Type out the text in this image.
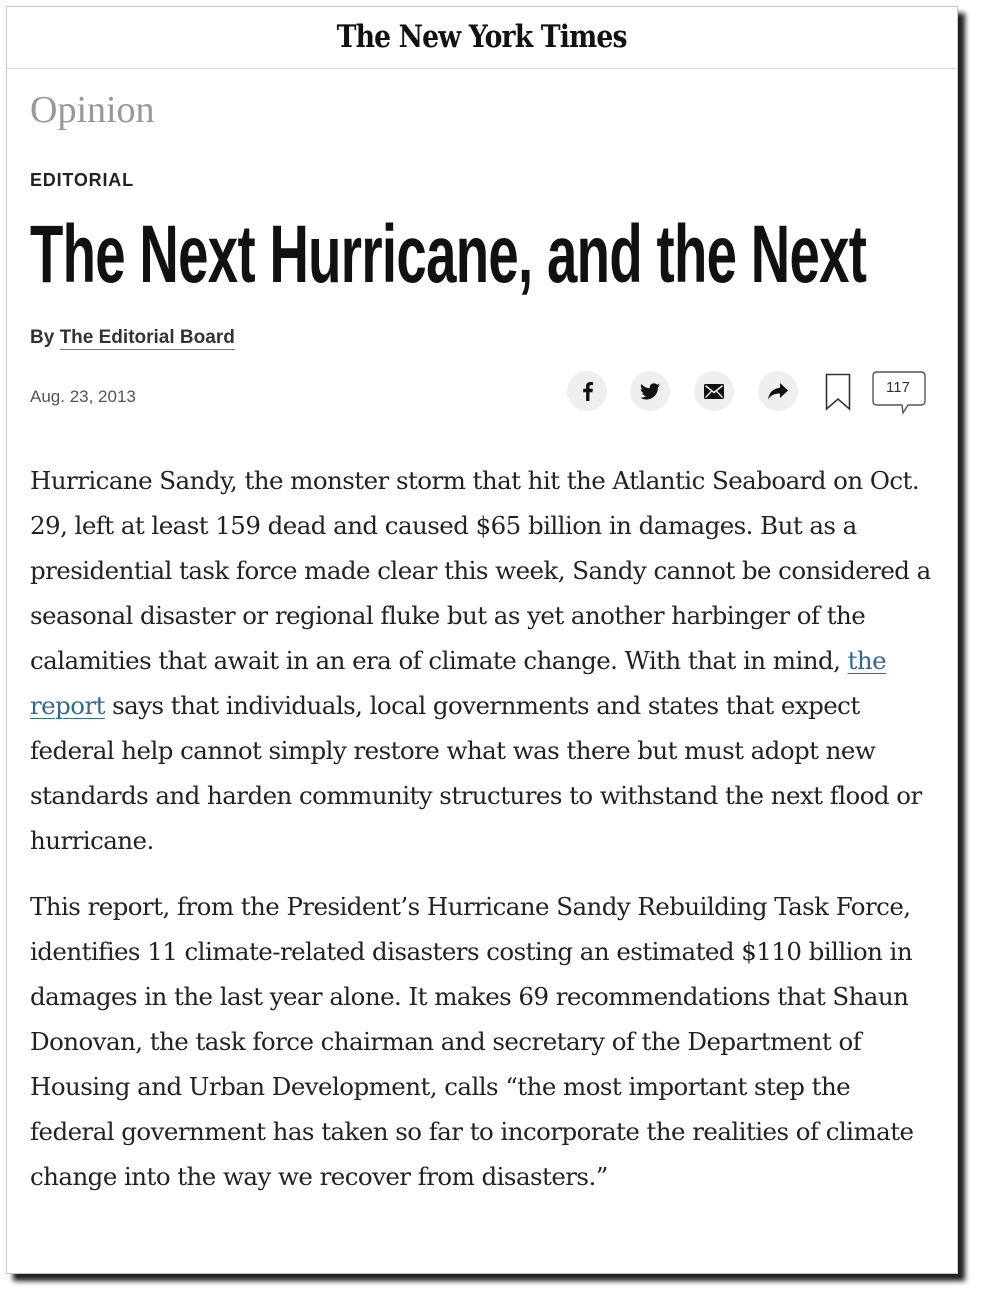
The New York Times
Opinion
EDITORIAL
The Next Hurricane, and the Next
By The Editorial Board
Aug. 23, 2013	117

Hurricane Sandy, the monster storm that hit the Atlantic Seaboard on Oct. 29, left at least 159 dead and caused $65 billion in damages. But as a presidential task force made clear this week, Sandy cannot be considered a seasonal disaster or regional fluke but as yet another harbinger of the calamities that await in an era of climate change. With that in mind, the report says that individuals, local governments and states that expect federal help cannot simply restore what was there but must adopt new standards and harden community structures to withstand the next flood or hurricane.

This report, from the President’s Hurricane Sandy Rebuilding Task Force, identifies 11 climate-related disasters costing an estimated $110 billion in damages in the last year alone. It makes 69 recommendations that Shaun Donovan, the task force chairman and secretary of the Department of Housing and Urban Development, calls “the most important step the federal government has taken so far to incorporate the realities of climate change into the way we recover from disasters.”
